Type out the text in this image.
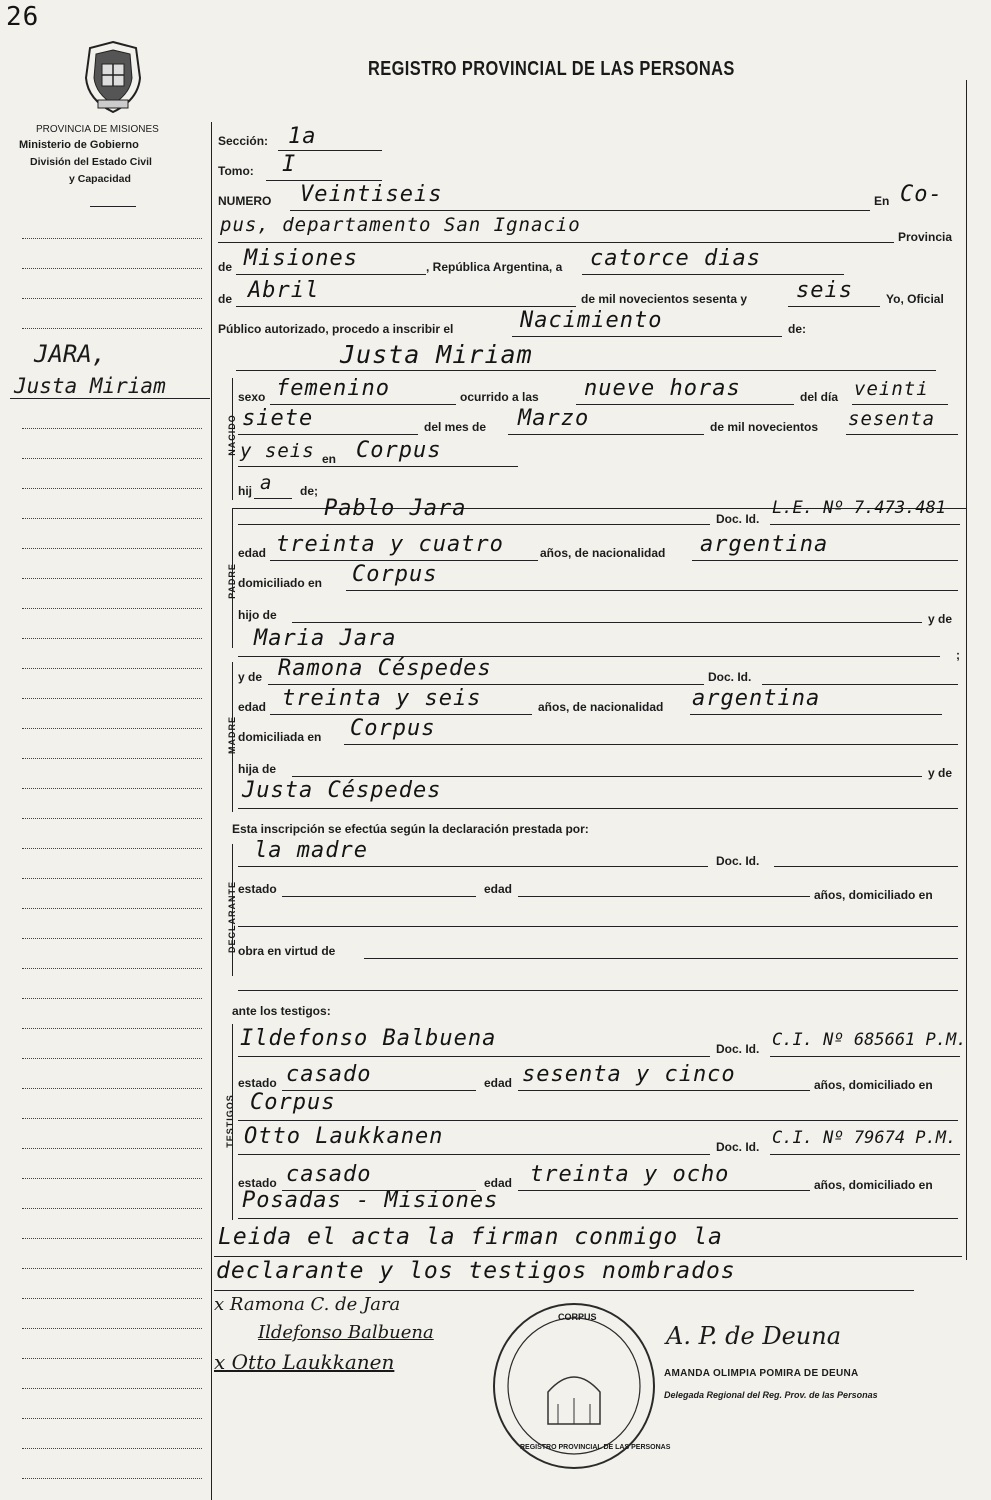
26
PROVINCIA DE MISIONES
Ministerio de Gobierno
División del Estado Civil
y Capacidad
REGISTRO PROVINCIAL DE LAS PERSONAS
JARA,
Justa Miriam
Sección: 1a
Tomo: I
NUMERO Veintiseis	En Co-
pus, departamento San Ignacio
Provincia
de Misiones	, República Argentina, a catorce dias
de Abril	de mil novecientos sesenta y seis	Yo, Oficial
Público autorizado, procedo a inscribir el	Nacimiento	de:
Justa Miriam
NACIDO
sexo femenino	ocurrido a las nueve horas	del día veinti
siete	del mes de Marzo	de mil novecientos sesenta
y seis en Corpus
hij a de;
PADRE
Pablo Jara	Doc. Id.
L.E. Nº 7.473.481
edad treinta y cuatro	años, de nacionalidad argentina
domiciliado en Corpus
hijo de	y de
Maria Jara
;
MADRE
y de Ramona Céspedes	Doc. Id.
edad treinta y seis	años, de nacionalidad argentina
domiciliada en Corpus
hija de	y de
Justa Céspedes
Esta inscripción se efectúa según la declaración prestada por:
DECLARANTE
la madre	Doc. Id.
estado	edad	años, domiciliado en
obra en virtud de
ante los testigos:
TESTIGOS
Ildefonso Balbuena	Doc. Id. C.I. Nº 685661 P.M.
estado casado	edad sesenta y cinco	años, domiciliado en
Corpus
Otto Laukkanen	Doc. Id. C.I. Nº 79674 P.M.
estado casado	edad treinta y ocho	años, domiciliado en
Posadas - Misiones
Leida el acta la firman conmigo la
declarante y los testigos nombrados
x Ramona C. de Jara
Ildefonso Balbuena
x Otto Laukkanen
A. P. de Deuna
AMANDA OLIMPIA POMIRA DE DEUNA
Delegada Regional del Reg. Prov. de las Personas
CORPUS
REGISTRO PROVINCIAL DE LAS PERSONAS
